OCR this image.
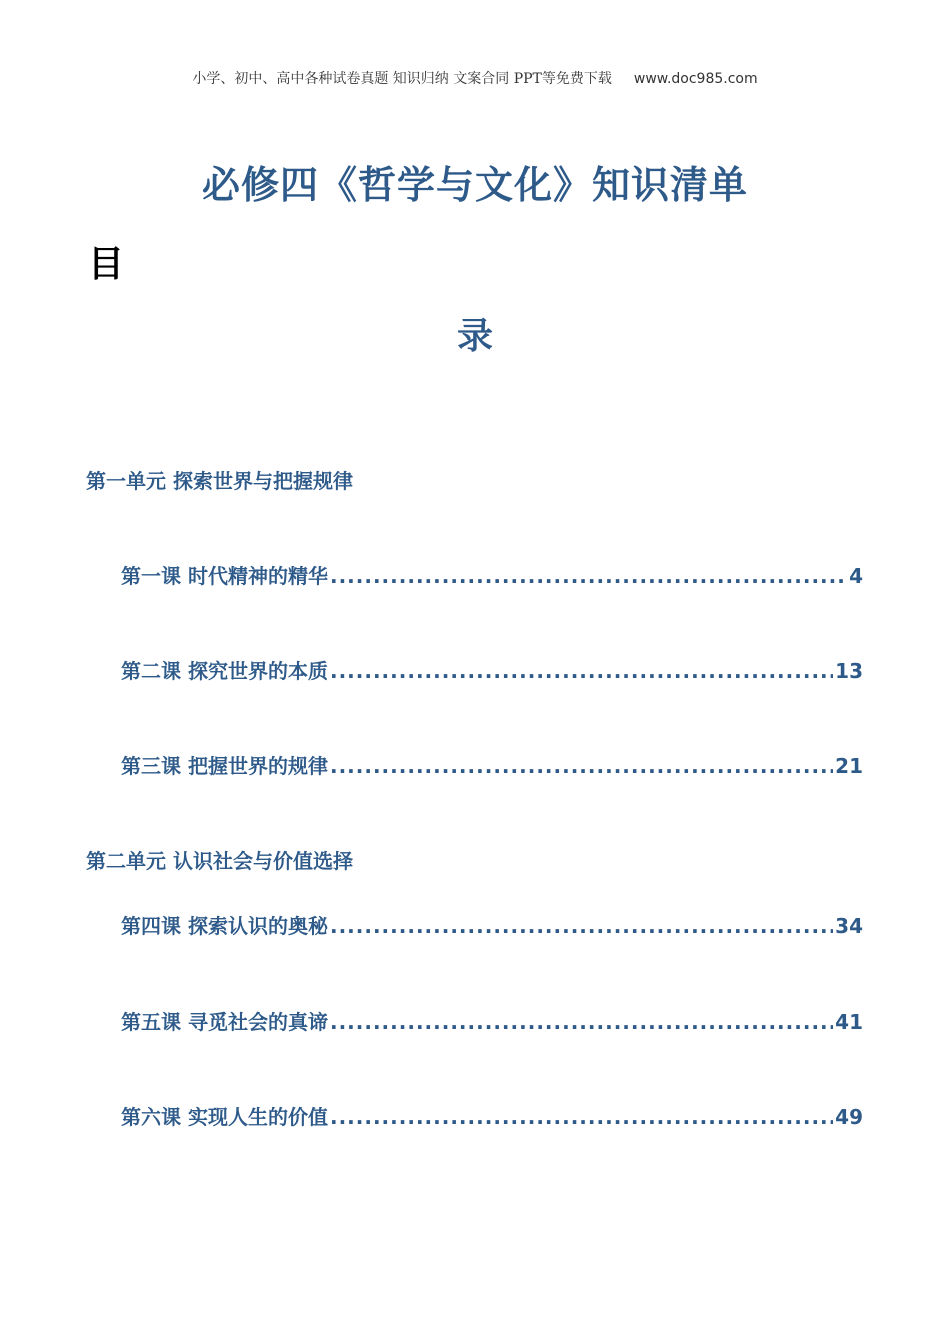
小学、初中、高中各种试卷真题 知识归纳 文案合同 PPT等免费下载 www.doc985.com
必修四《哲学与文化》知识清单
目
录
第一单元 探索世界与把握规律
第一课 时代精神的精华 .....	4
第二课 探究世界的本质 .....	13
第三课 把握世界的规律 .....	21
第二单元 认识社会与价值选择
第四课 探索认识的奥秘 .....	34
第五课 寻觅社会的真谛 .....	41
第六课 实现人生的价值 .....	49
